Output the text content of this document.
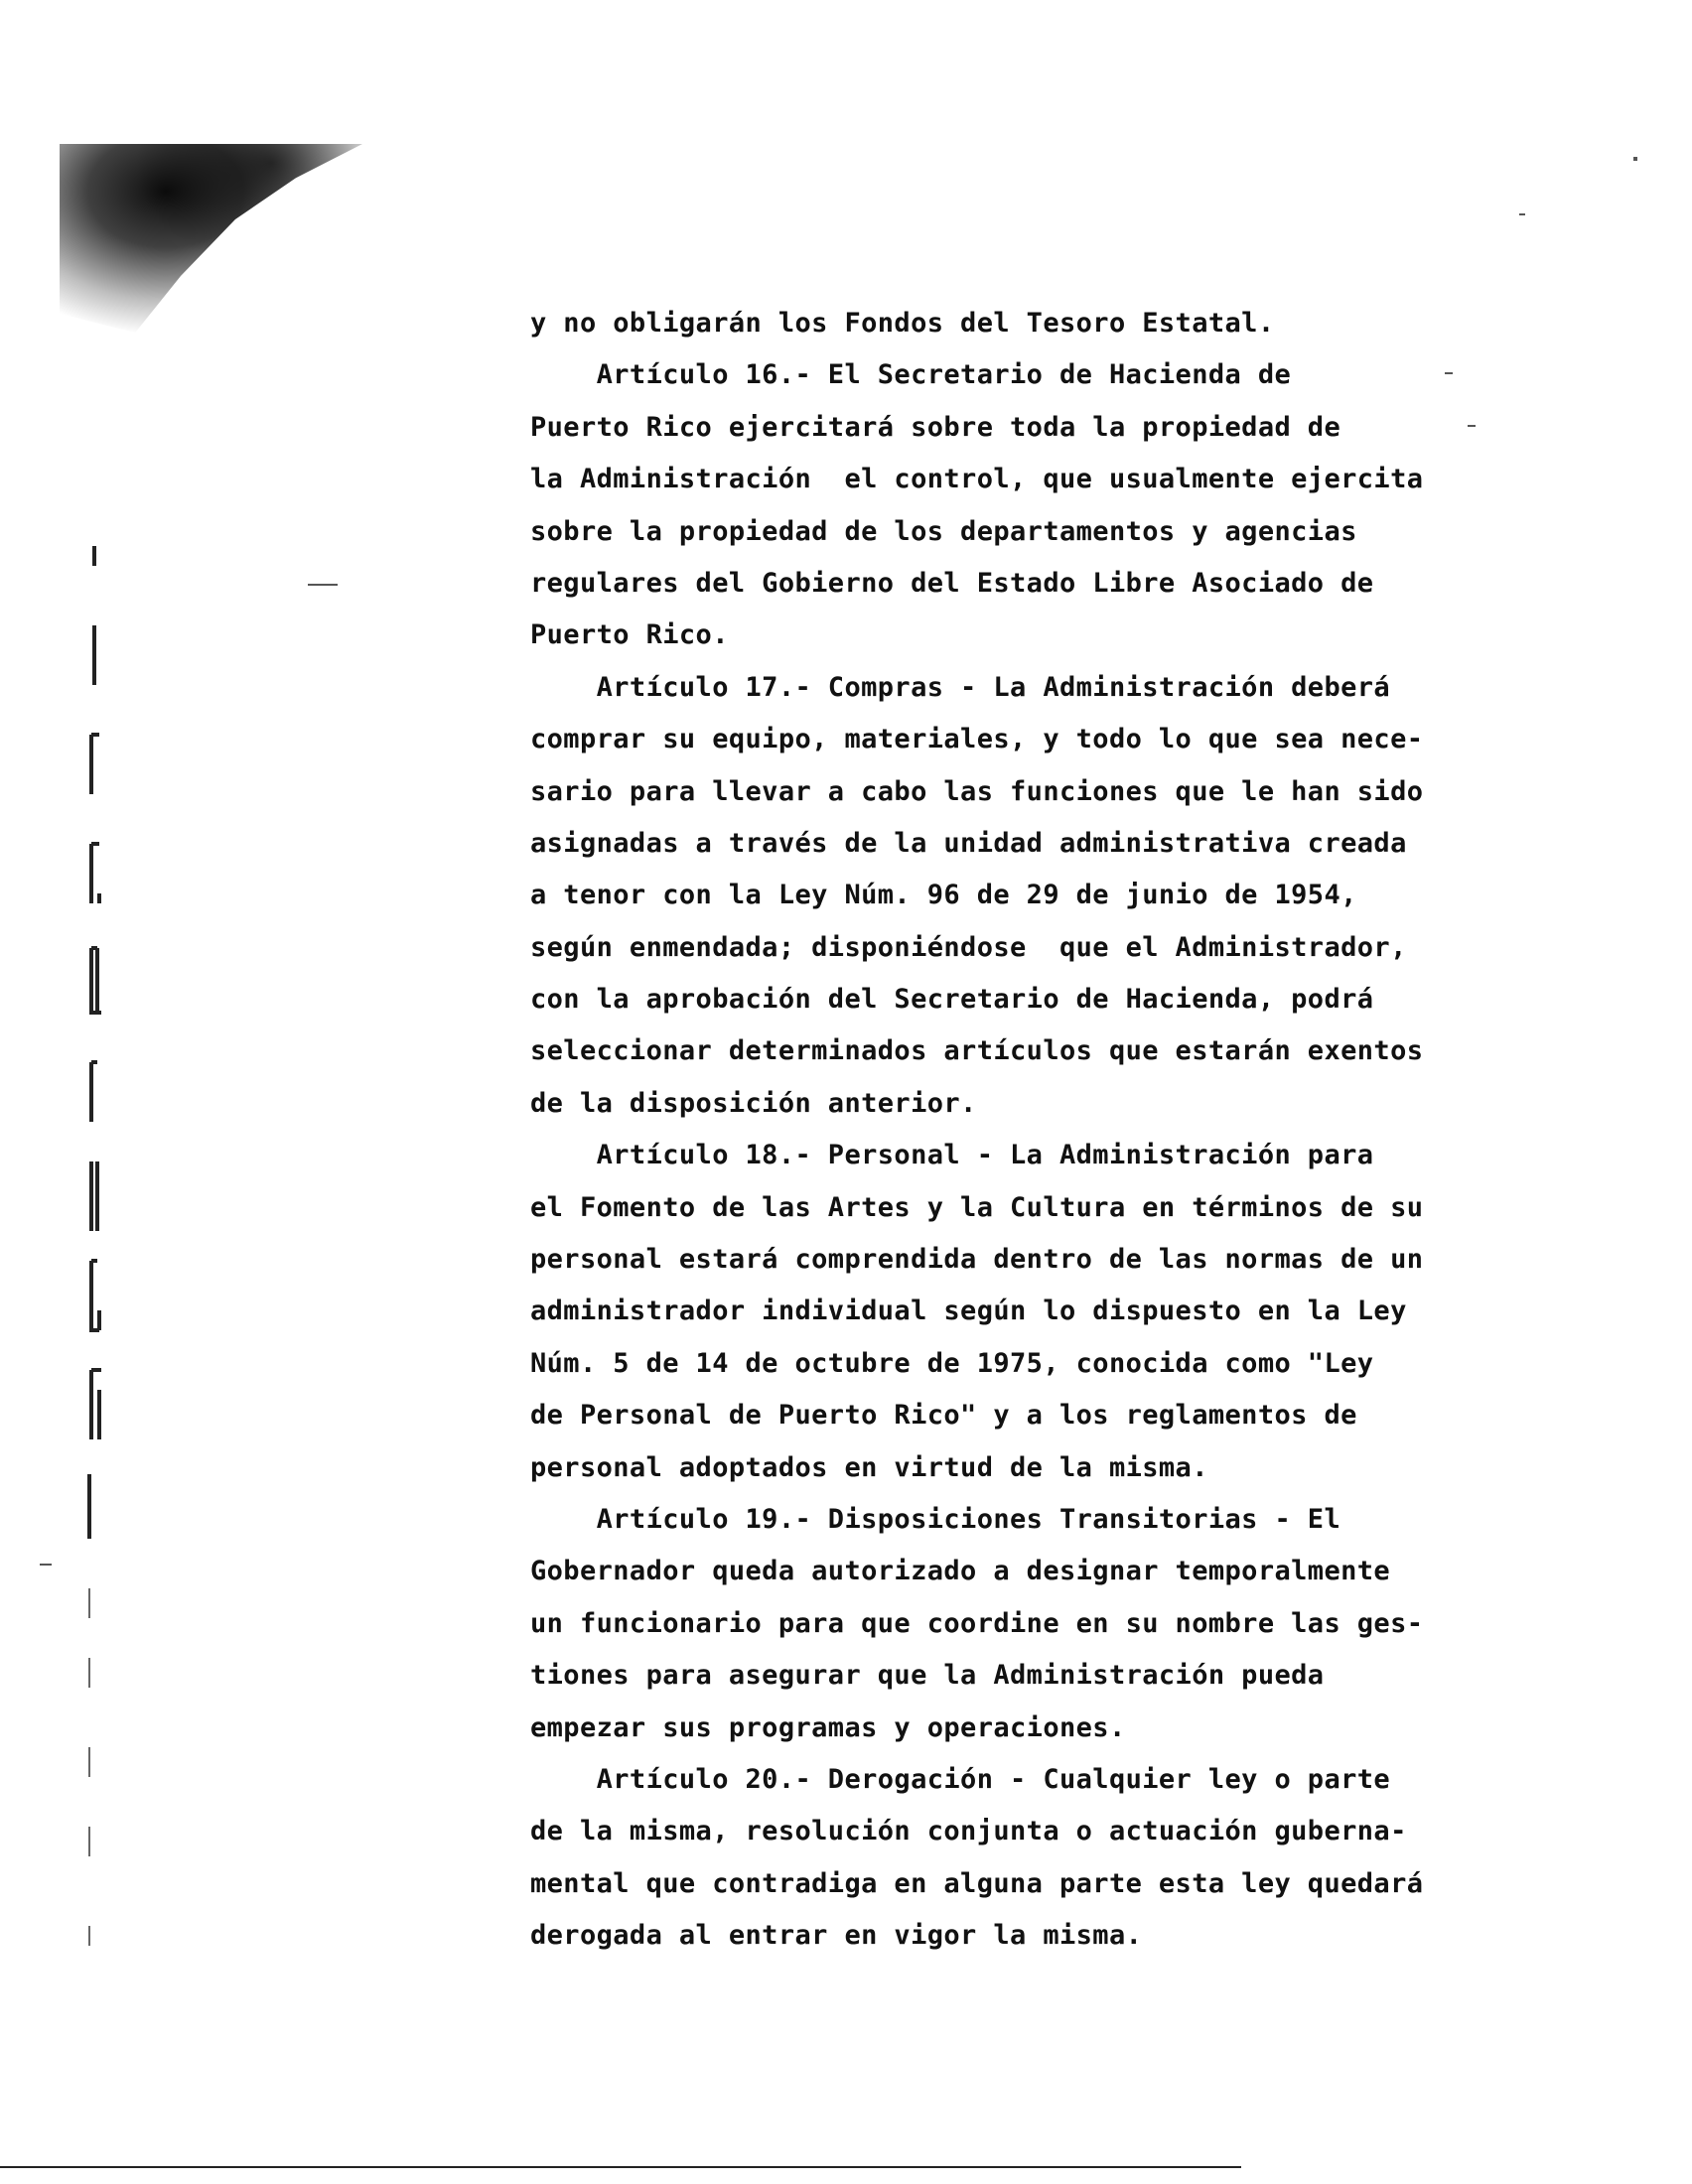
y no obligarán los Fondos del Tesoro Estatal.
Artículo 16.- El Secretario de Hacienda de
Puerto Rico ejercitará sobre toda la propiedad de
la Administración  el control, que usualmente ejercita
sobre la propiedad de los departamentos y agencias
regulares del Gobierno del Estado Libre Asociado de
Puerto Rico.
Artículo 17.- Compras - La Administración deberá
comprar su equipo, materiales, y todo lo que sea nece-
sario para llevar a cabo las funciones que le han sido
asignadas a través de la unidad administrativa creada
a tenor con la Ley Núm. 96 de 29 de junio de 1954,
según enmendada; disponiéndose  que el Administrador,
con la aprobación del Secretario de Hacienda, podrá
seleccionar determinados artículos que estarán exentos
de la disposición anterior.
Artículo 18.- Personal - La Administración para
el Fomento de las Artes y la Cultura en términos de su
personal estará comprendida dentro de las normas de un
administrador individual según lo dispuesto en la Ley
Núm. 5 de 14 de octubre de 1975, conocida como "Ley
de Personal de Puerto Rico" y a los reglamentos de
personal adoptados en virtud de la misma.
Artículo 19.- Disposiciones Transitorias - El
Gobernador queda autorizado a designar temporalmente
un funcionario para que coordine en su nombre las ges-
tiones para asegurar que la Administración pueda
empezar sus programas y operaciones.
Artículo 20.- Derogación - Cualquier ley o parte
de la misma, resolución conjunta o actuación guberna-
mental que contradiga en alguna parte esta ley quedará
derogada al entrar en vigor la misma.
